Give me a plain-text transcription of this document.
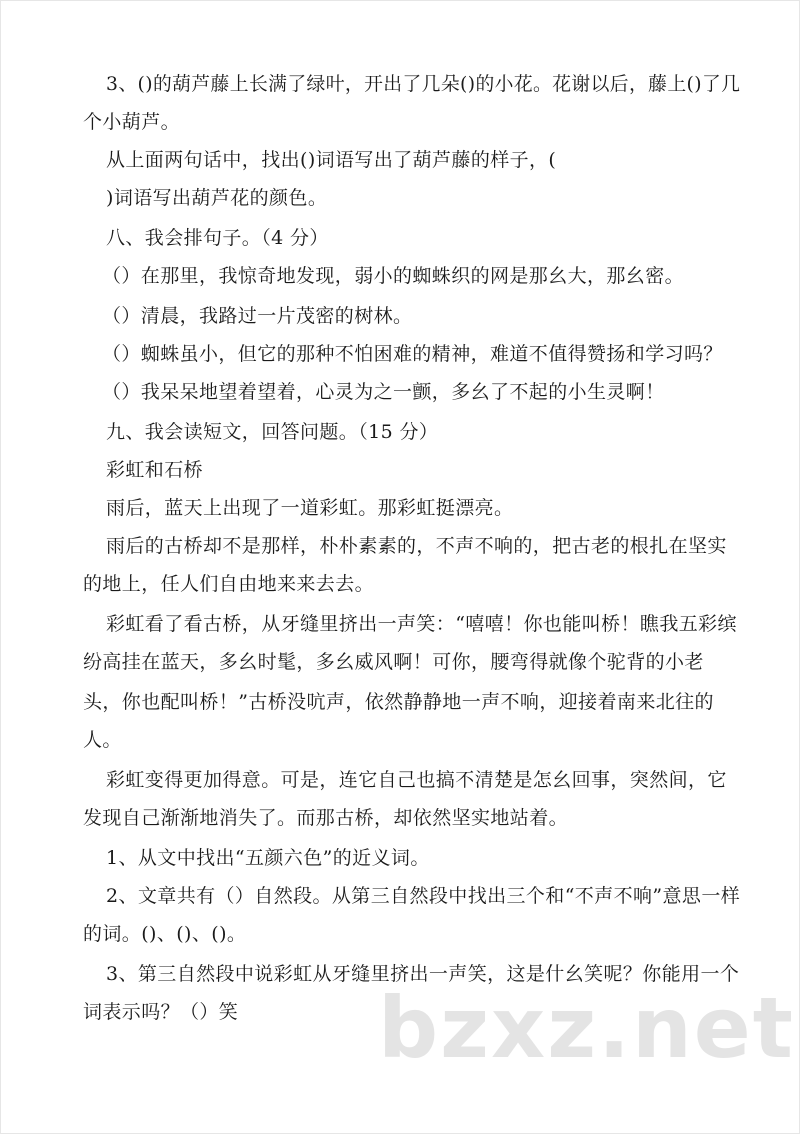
3、()的葫芦藤上长满了绿叶，开出了几朵()的小花。花谢以后，藤上()了几
个小葫芦。
从上面两句话中，找出()词语写出了葫芦藤的样子，(
)词语写出葫芦花的颜色。
八、我会排句子。（4 分）
（）在那里，我惊奇地发现，弱小的蜘蛛织的网是那幺大，那幺密。
（）清晨，我路过一片茂密的树林。
（）蜘蛛虽小，但它的那种不怕困难的精神，难道不值得赞扬和学习吗？
（）我呆呆地望着望着，心灵为之一颤，多幺了不起的小生灵啊！
九、我会读短文，回答问题。（15 分）
彩虹和石桥
雨后，蓝天上出现了一道彩虹。那彩虹挺漂亮。
雨后的古桥却不是那样，朴朴素素的，不声不响的，把古老的根扎在坚实
的地上，任人们自由地来来去去。
彩虹看了看古桥，从牙缝里挤出一声笑：“嘻嘻！你也能叫桥！瞧我五彩缤
纷高挂在蓝天，多幺时髦，多幺威风啊！可你，腰弯得就像个驼背的小老
头，你也配叫桥！”古桥没吭声，依然静静地一声不响，迎接着南来北往的
人。
彩虹变得更加得意。可是，连它自己也搞不清楚是怎幺回事，突然间，它
发现自己渐渐地消失了。而那古桥，却依然坚实地站着。
1、从文中找出“五颜六色”的近义词。
2、文章共有（）自然段。从第三自然段中找出三个和“不声不响”意思一样
的词。()、()、()。
3、第三自然段中说彩虹从牙缝里挤出一声笑，这是什幺笑呢？你能用一个
词表示吗？（）笑 bzxz.net
